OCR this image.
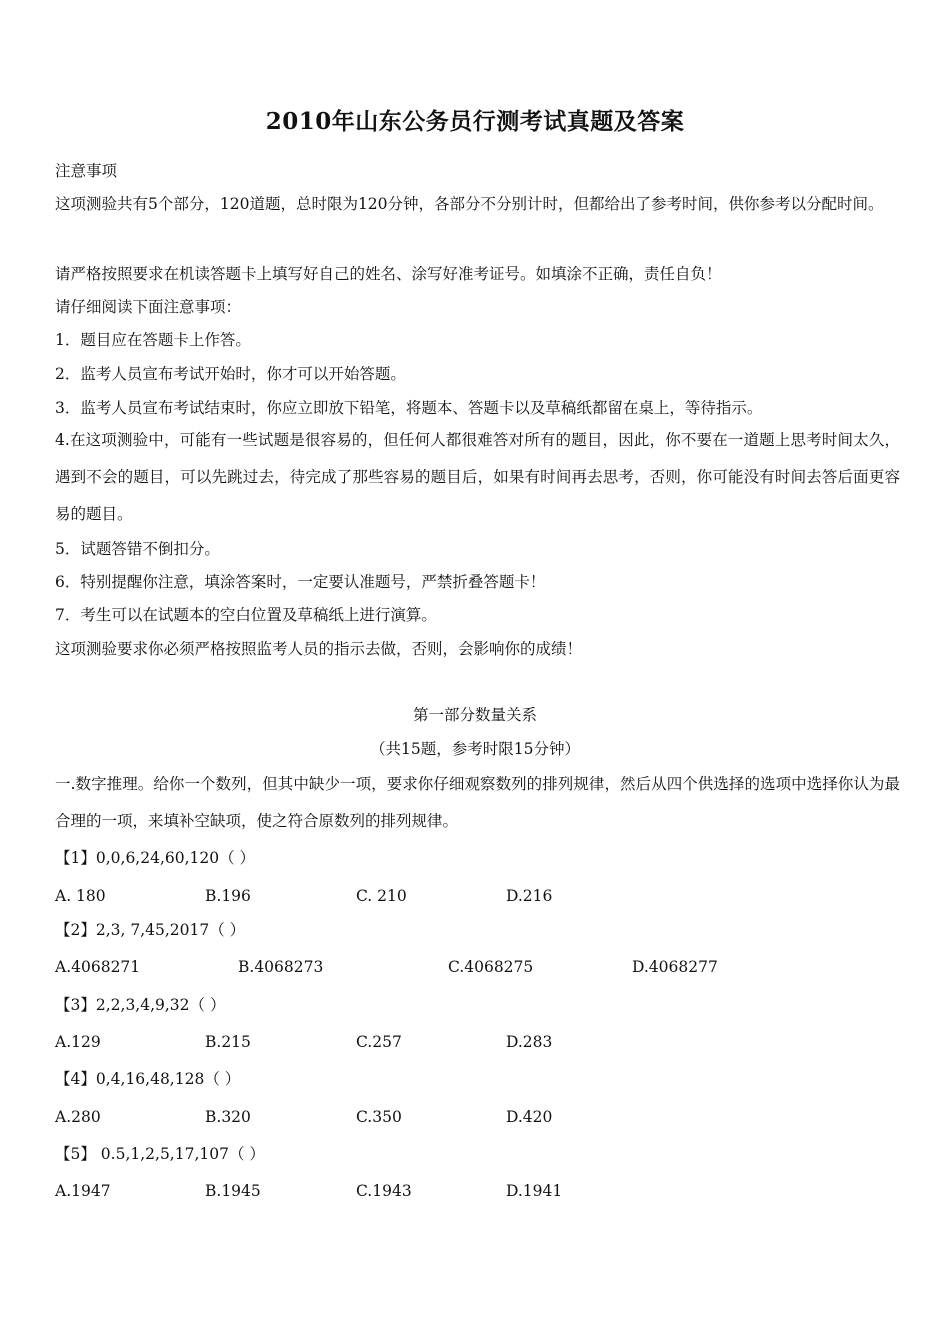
2010年山东公务员行测考试真题及答案
注意事项
这项测验共有5个部分，120道题，总时限为120分钟，各部分不分别计时，但都给出了参考时间，供你参考以分配时间。
请严格按照要求在机读答题卡上填写好自己的姓名、涂写好准考证号。如填涂不正确，责任自负！
请仔细阅读下面注意事项：
1．题目应在答题卡上作答。
2．监考人员宣布考试开始时，你才可以开始答题。
3．监考人员宣布考试结束时，你应立即放下铅笔，将题本、答题卡以及草稿纸都留在桌上，等待指示。
4.在这项测验中，可能有一些试题是很容易的，但任何人都很难答对所有的题目，因此，你不要在一道题上思考时间太久，遇到不会的题目，可以先跳过去，待完成了那些容易的题目后，如果有时间再去思考，否则，你可能没有时间去答后面更容易的题目。
5．试题答错不倒扣分。
6．特别提醒你注意，填涂答案时，一定要认准题号，严禁折叠答题卡！
7．考生可以在试题本的空白位置及草稿纸上进行演算。
这项测验要求你必须严格按照监考人员的指示去做，否则，会影响你的成绩！
第一部分数量关系
（共15题，参考时限15分钟）
一.数字推理。给你一个数列，但其中缺少一项，要求你仔细观察数列的排列规律，然后从四个供选择的选项中选择你认为最合理的一项，来填补空缺项，使之符合原数列的排列规律。
【1】0,0,6,24,60,120（ ）
A. 180	B.196	C. 210	D.216
【2】2,3, 7,45,2017（ ）
A.4068271	B.4068273	C.4068275	D.4068277
【3】2,2,3,4,9,32（ ）
A.129	B.215	C.257	D.283
【4】0,4,16,48,128（ ）
A.280	B.320	C.350	D.420
【5】 0.5,1,2,5,17,107（ ）
A.1947	B.1945	C.1943	D.1941
